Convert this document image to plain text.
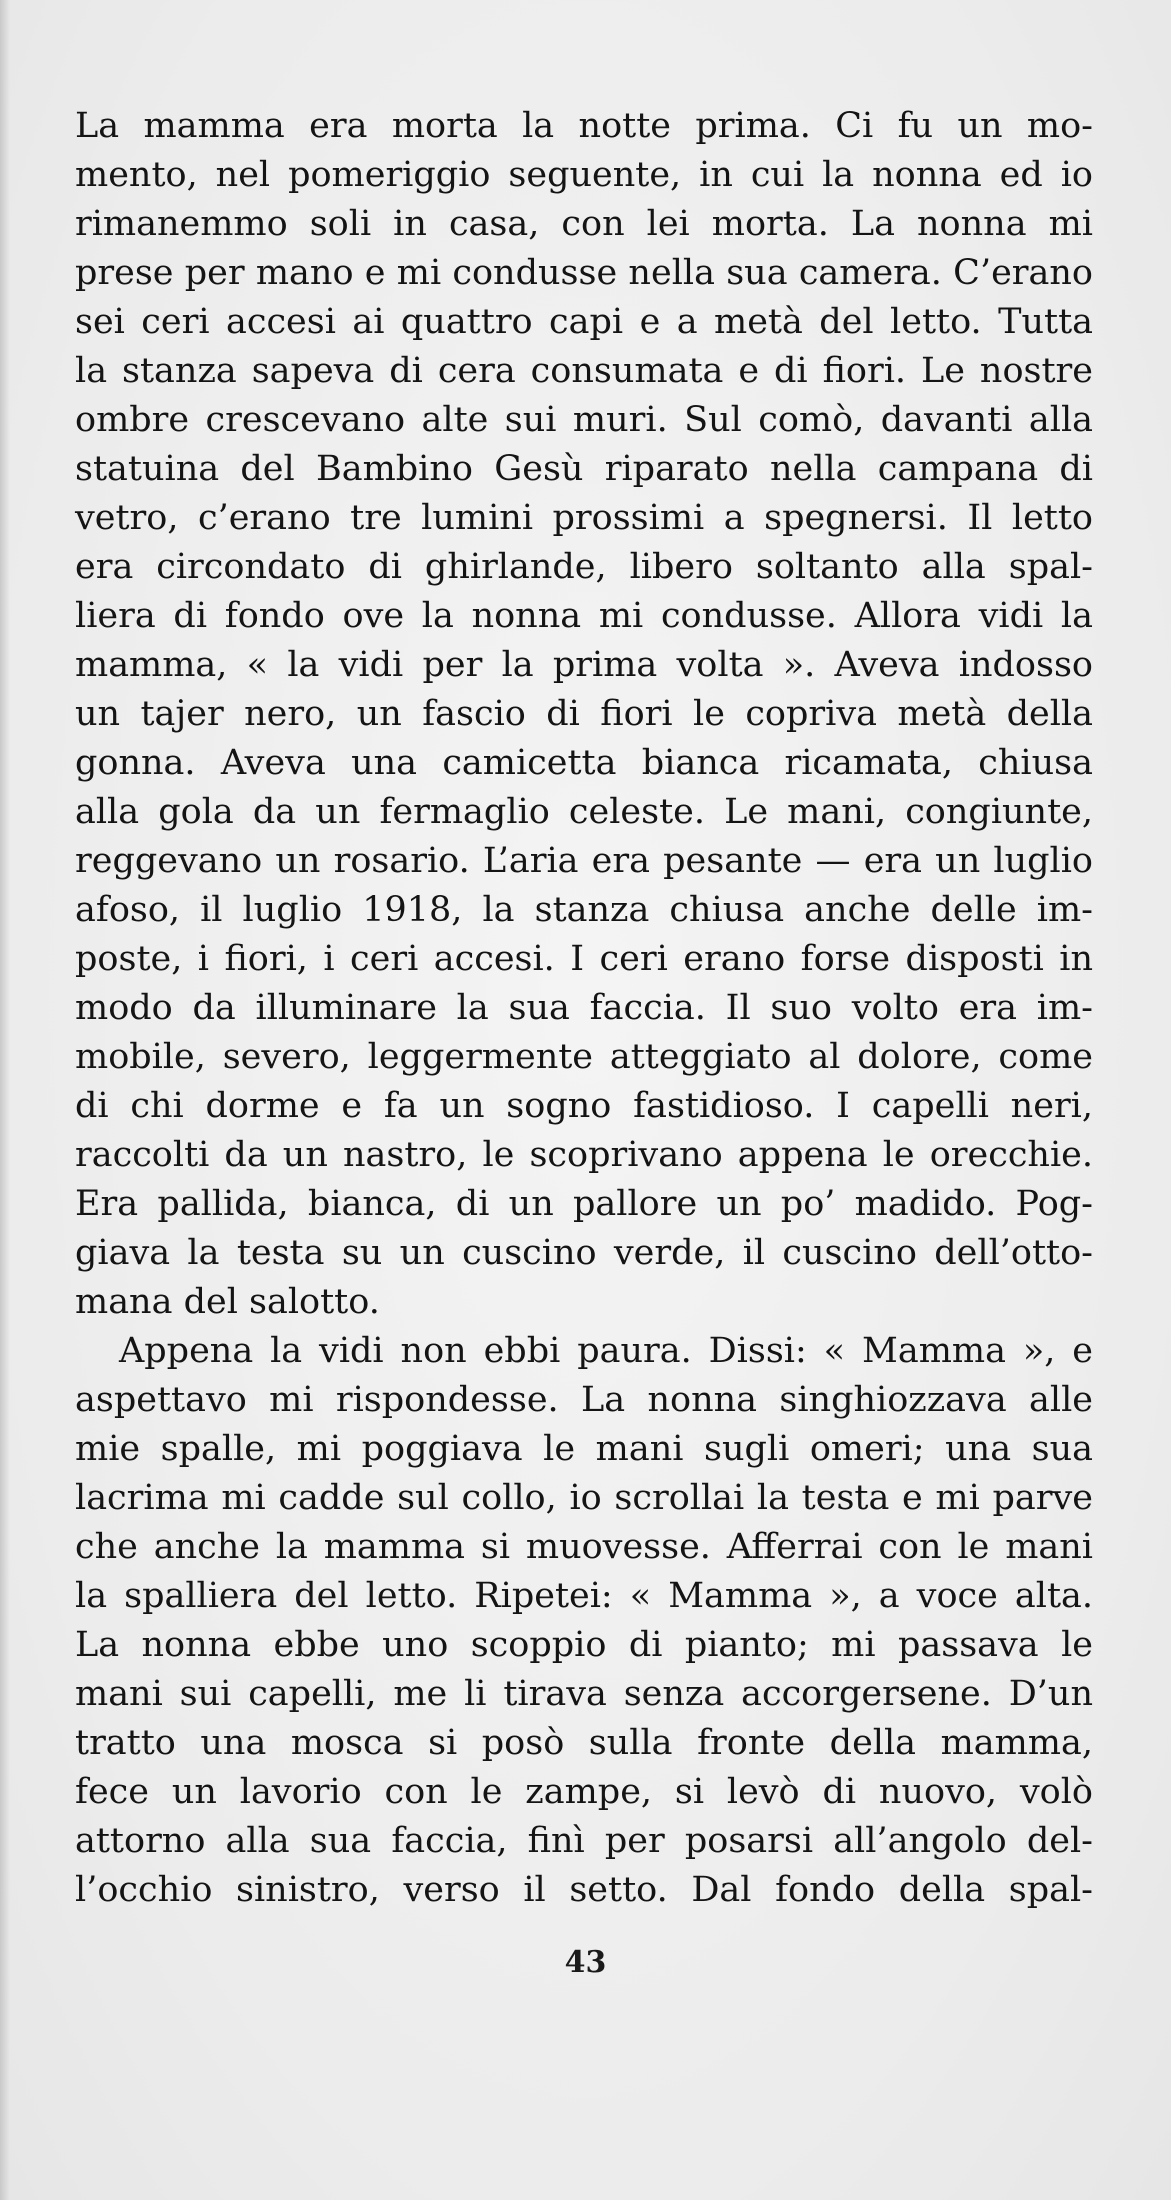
La mamma era morta la notte prima. Ci fu un mo-
mento, nel pomeriggio seguente, in cui la nonna ed io
rimanemmo soli in casa, con lei morta. La nonna mi
prese per mano e mi condusse nella sua camera. C’erano
sei ceri accesi ai quattro capi e a metà del letto. Tutta
la stanza sapeva di cera consumata e di fiori. Le nostre
ombre crescevano alte sui muri. Sul comò, davanti alla
statuina del Bambino Gesù riparato nella campana di
vetro, c’erano tre lumini prossimi a spegnersi. Il letto
era circondato di ghirlande, libero soltanto alla spal-
liera di fondo ove la nonna mi condusse. Allora vidi la
mamma, « la vidi per la prima volta ». Aveva indosso
un tajer nero, un fascio di fiori le copriva metà della
gonna. Aveva una camicetta bianca ricamata, chiusa
alla gola da un fermaglio celeste. Le mani, congiunte,
reggevano un rosario. L’aria era pesante — era un luglio
afoso, il luglio 1918, la stanza chiusa anche delle im-
poste, i fiori, i ceri accesi. I ceri erano forse disposti in
modo da illuminare la sua faccia. Il suo volto era im-
mobile, severo, leggermente atteggiato al dolore, come
di chi dorme e fa un sogno fastidioso. I capelli neri,
raccolti da un nastro, le scoprivano appena le orecchie.
Era pallida, bianca, di un pallore un po’ madido. Pog-
giava la testa su un cuscino verde, il cuscino dell’otto-
mana del salotto.
Appena la vidi non ebbi paura. Dissi: « Mamma », e
aspettavo mi rispondesse. La nonna singhiozzava alle
mie spalle, mi poggiava le mani sugli omeri; una sua
lacrima mi cadde sul collo, io scrollai la testa e mi parve
che anche la mamma si muovesse. Afferrai con le mani
la spalliera del letto. Ripetei: « Mamma », a voce alta.
La nonna ebbe uno scoppio di pianto; mi passava le
mani sui capelli, me li tirava senza accorgersene. D’un
tratto una mosca si posò sulla fronte della mamma,
fece un lavorio con le zampe, si levò di nuovo, volò
attorno alla sua faccia, finì per posarsi all’angolo del-
l’occhio sinistro, verso il setto. Dal fondo della spal-
43
